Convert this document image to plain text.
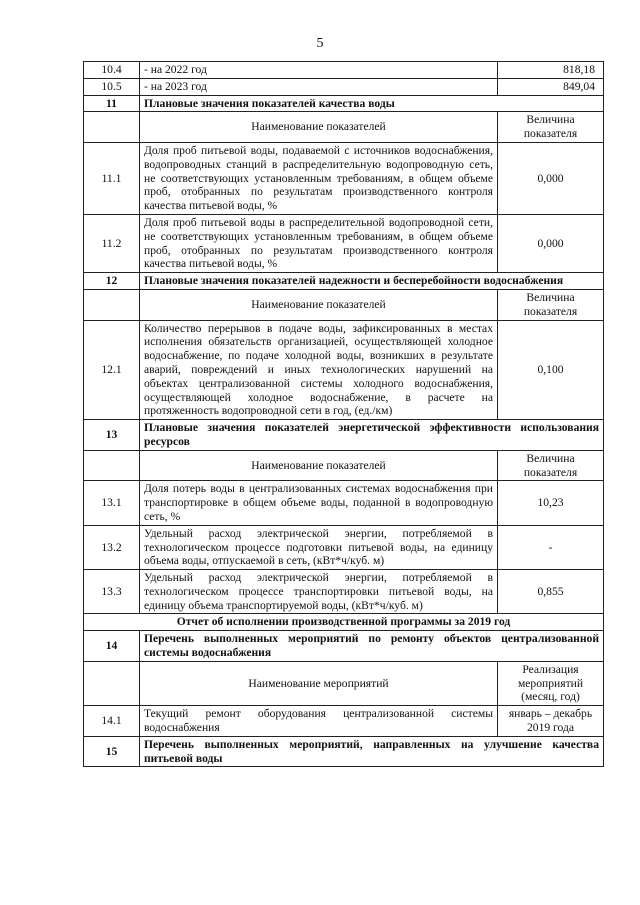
5
10.4	- на 2022 год	818,18
10.5	- на 2023 год	849,04
11	Плановые значения показателей качества воды	
	Наименование показателей	Величина показателя
11.1	Доля проб питьевой воды, подаваемой с источников водоснабжения, водопроводных станций в распределительную водопроводную сеть, не соответствующих установленным требованиям, в общем объеме проб, отобранных по результатам производственного контроля качества питьевой воды, %	0,000
11.2	Доля проб питьевой воды в распределительной водопроводной сети, не соответствующих установленным требованиям, в общем объеме проб, отобранных по результатам производственного контроля качества питьевой воды, %	0,000
12	Плановые значения показателей надежности и бесперебойности водоснабжения	
	Наименование показателей	Величина показателя
12.1	Количество перерывов в подаче воды, зафиксированных в местах исполнения обязательств организацией, осуществляющей холодное водоснабжение, по подаче холодной воды, возникших в результате аварий, повреждений и иных технологических нарушений на объектах централизованной системы холодного водоснабжения, осуществляющей холодное водоснабжение, в расчете на протяженность водопроводной сети в год, (ед./км)	0,100
13	Плановые значения показателей энергетической эффективности использования ресурсов	
	Наименование показателей	Величина показателя
13.1	Доля потерь воды в централизованных системах водоснабжения при транспортировке в общем объеме воды, поданной в водопроводную сеть, %	10,23
13.2	Удельный расход электрической энергии, потребляемой в технологическом процессе подготовки питьевой воды, на единицу объема воды, отпускаемой в сеть, (кВт*ч/куб. м)	-
13.3	Удельный расход электрической энергии, потребляемой в технологическом процессе транспортировки питьевой воды, на единицу объема транспортируемой воды, (кВт*ч/куб. м)	0,855
Отчет об исполнении производственной программы за 2019 год		
14	Перечень выполненных мероприятий по ремонту объектов централизованной системы водоснабжения	
	Наименование мероприятий	Реализация мероприятий (месяц, год)
14.1	Текущий ремонт оборудования централизованной системы водоснабжения	январь – декабрь 2019 года
15	Перечень выполненных мероприятий, направленных на улучшение качества питьевой воды	
